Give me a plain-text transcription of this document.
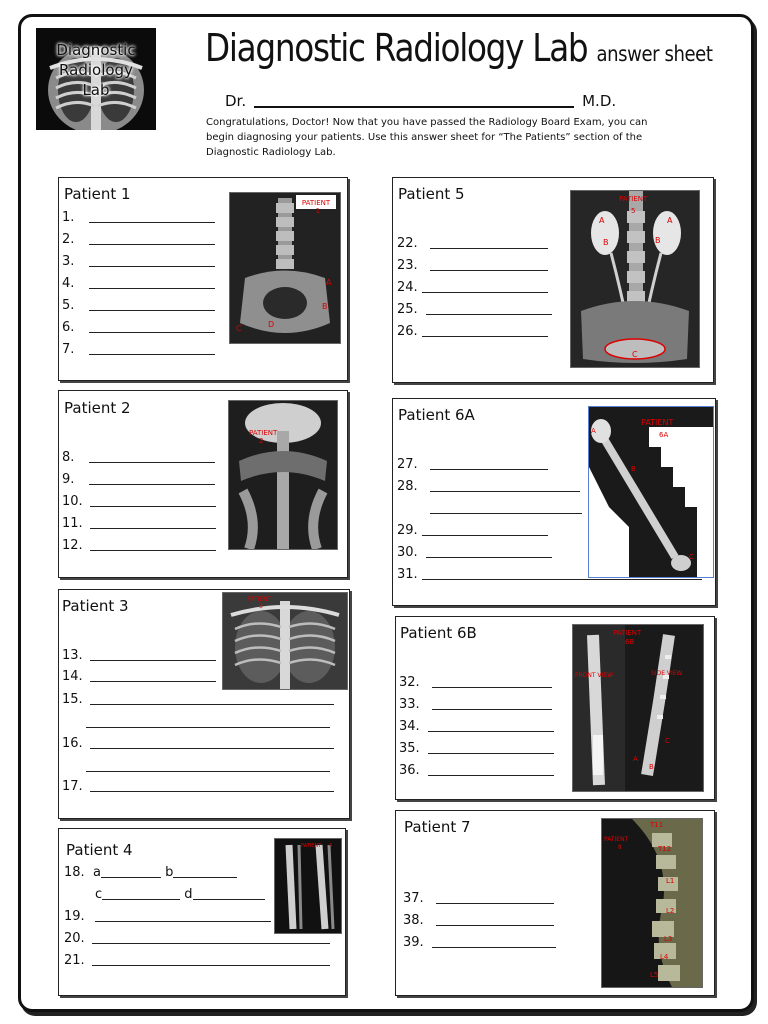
Diagnostic Radiology
Lab
Diagnostic Radiology Lab answer sheet
Dr.	M.D.
Congratulations, Doctor! Now that you have passed the Radiology Board Exam, you can begin diagnosing your patients. Use this answer sheet for “The Patients” section of the Diagnostic Radiology Lab.
Patient 1
1.
2.
3.
4.
5.
6.
7.
PATIENT
1
A
B
C	D
Patient 2
8.
9.
10.
11.
12.
PATIENT
2
Patient 3
13.
14.
15.
16.
17.
PATIENT
3
Patient 4
18. a	b
c	d
19.
20.
21.
PATIENT 4
Patient 5
22.
23.
24.
25.
26.
PATIENT
5
A	A
B	B
C
Patient 6A
27.
28.
29.
30.
31.
PATIENT
6A
A
B
C
Patient 6B
32.
33.
34.
35.
36.
PATIENT
6B
FRONT VIEW	SIDE VIEW
A
B
C
Patient 7
37.
38.
39.
PATIENT
8
T11
T12
L1
L2
L3
L4
L5
